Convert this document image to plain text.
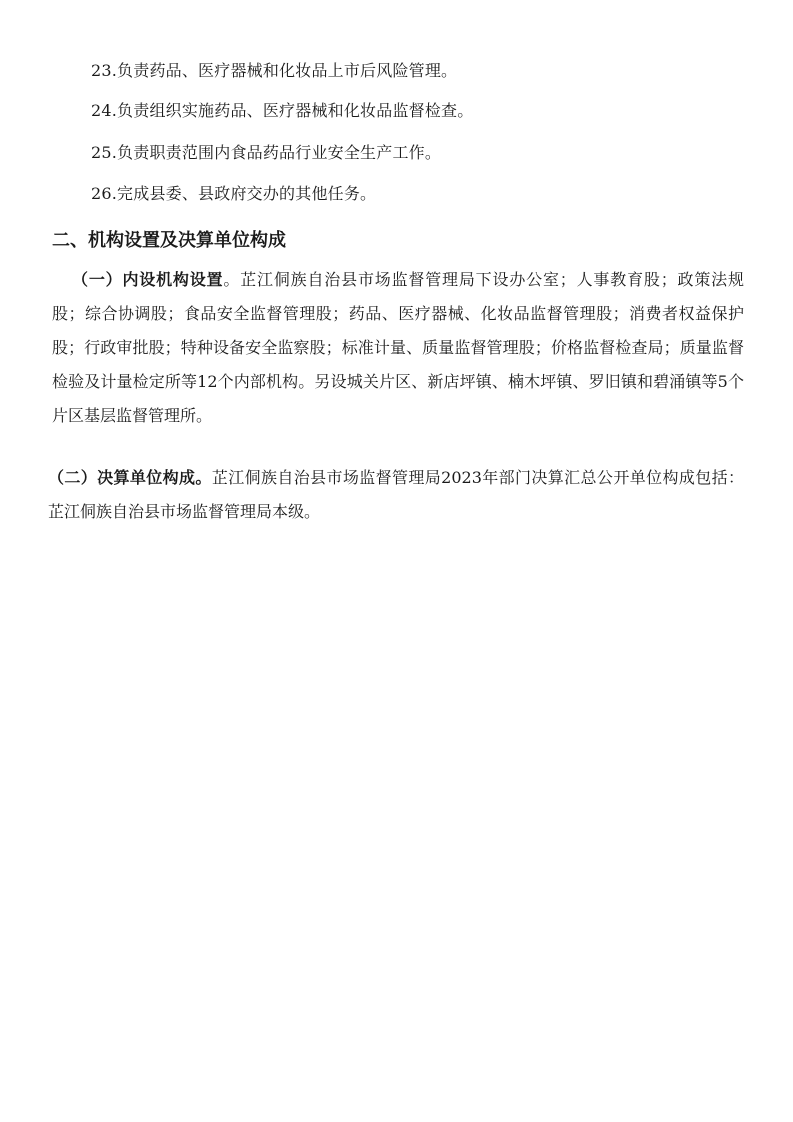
23.负责药品、医疗器械和化妆品上市后风险管理。
24.负责组织实施药品、医疗器械和化妆品监督检查。
25.负责职责范围内食品药品行业安全生产工作。
26.完成县委、县政府交办的其他任务。
二、机构设置及决算单位构成
（一）内设机构设置。芷江侗族自治县市场监督管理局下设办公室；人事教育股；政策法规股；综合协调股；食品安全监督管理股；药品、医疗器械、化妆品监督管理股；消费者权益保护股；行政审批股；特种设备安全监察股；标准计量、质量监督管理股；价格监督检查局；质量监督检验及计量检定所等12个内部机构。另设城关片区、新店坪镇、楠木坪镇、罗旧镇和碧涌镇等5个片区基层监督管理所。
（二）决算单位构成。芷江侗族自治县市场监督管理局2023年部门决算汇总公开单位构成包括：芷江侗族自治县市场监督管理局本级。
